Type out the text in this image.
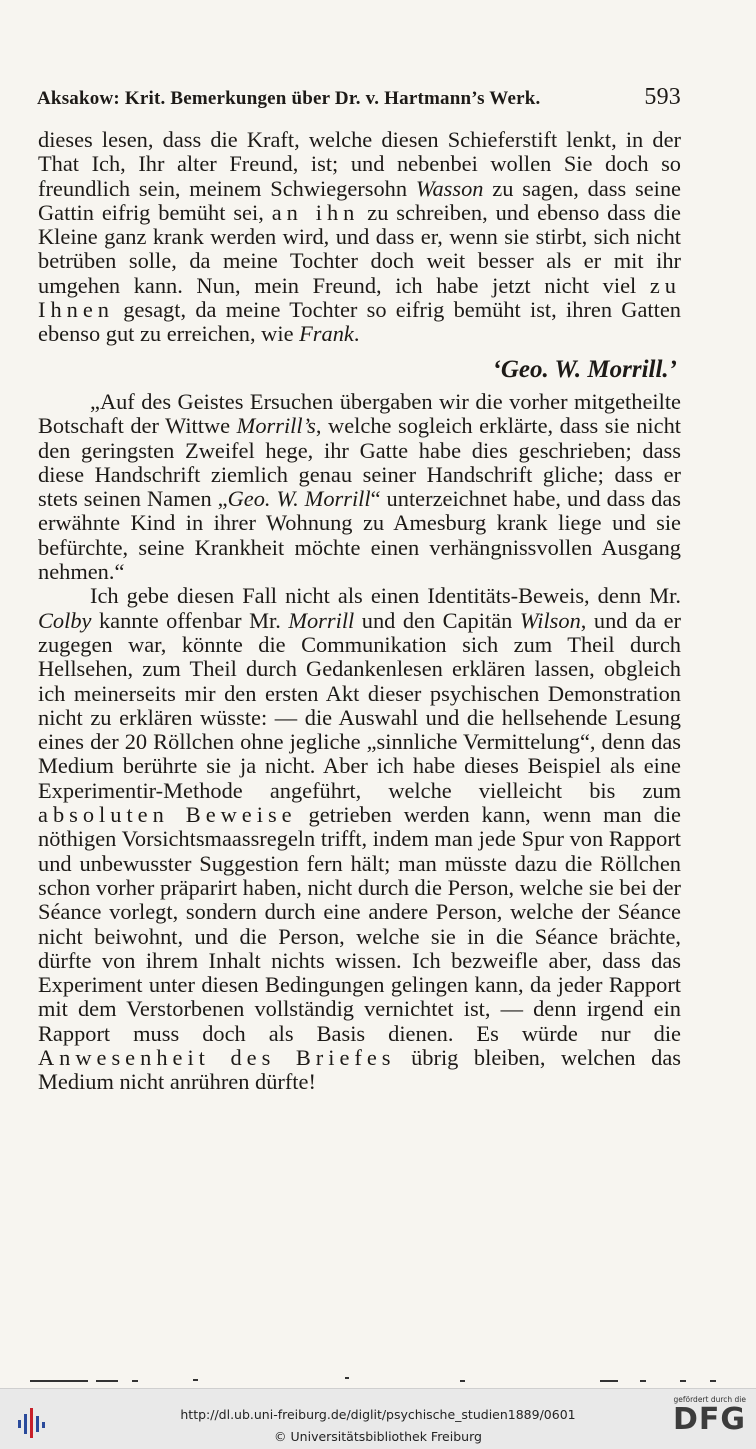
Aksakow: Krit. Bemerkungen über Dr. v. Hartmann’s Werk.	593

dieses lesen, dass die Kraft, welche diesen Schieferstift lenkt, in der That Ich, Ihr alter Freund, ist; und nebenbei wollen Sie doch so freundlich sein, meinem Schwiegersohn Wasson zu sagen, dass seine Gattin eifrig bemüht sei, an ihn zu schreiben, und ebenso dass die Kleine ganz krank werden wird, und dass er, wenn sie stirbt, sich nicht betrüben solle, da meine Tochter doch weit besser als er mit ihr umgehen kann. Nun, mein Freund, ich habe jetzt nicht viel zu Ihnen gesagt, da meine Tochter so eifrig bemüht ist, ihren Gatten ebenso gut zu erreichen, wie Frank.

‘Geo. W. Morrill.’

„Auf des Geistes Ersuchen übergaben wir die vorher mitgetheilte Botschaft der Wittwe Morrill’s, welche sogleich erklärte, dass sie nicht den geringsten Zweifel hege, ihr Gatte habe dies geschrieben; dass diese Handschrift ziemlich genau seiner Handschrift gliche; dass er stets seinen Namen „Geo. W. Morrill“ unterzeichnet habe, und dass das erwähnte Kind in ihrer Wohnung zu Amesburg krank liege und sie befürchte, seine Krankheit möchte einen verhängnissvollen Ausgang nehmen.“

Ich gebe diesen Fall nicht als einen Identitäts-Beweis, denn Mr. Colby kannte offenbar Mr. Morrill und den Capitän Wilson, und da er zugegen war, könnte die Communikation sich zum Theil durch Hellsehen, zum Theil durch Gedankenlesen erklären lassen, obgleich ich meinerseits mir den ersten Akt dieser psychischen Demonstration nicht zu erklären wüsste: — die Auswahl und die hellsehende Lesung eines der 20 Röllchen ohne jegliche „sinnliche Vermittelung“, denn das Medium berührte sie ja nicht. Aber ich habe dieses Beispiel als eine Experimentir-Methode angeführt, welche vielleicht bis zum absoluten Beweise getrieben werden kann, wenn man die nöthigen Vorsichtsmaassregeln trifft, indem man jede Spur von Rapport und unbewusster Suggestion fern hält; man müsste dazu die Röllchen schon vorher präparirt haben, nicht durch die Person, welche sie bei der Séance vorlegt, sondern durch eine andere Person, welche der Séance nicht beiwohnt, und die Person, welche sie in die Séance brächte, dürfte von ihrem Inhalt nichts wissen. Ich bezweifle aber, dass das Experiment unter diesen Bedingungen gelingen kann, da jeder Rapport mit dem Verstorbenen vollständig vernichtet ist, — denn irgend ein Rapport muss doch als Basis dienen. Es würde nur die Anwesenheit des Briefes übrig bleiben, welchen das Medium nicht anrühren dürfte!

http://dl.ub.uni-freiburg.de/diglit/psychische_studien1889/0601
© Universitätsbibliothek Freiburg
gefördert durch die
DFG
